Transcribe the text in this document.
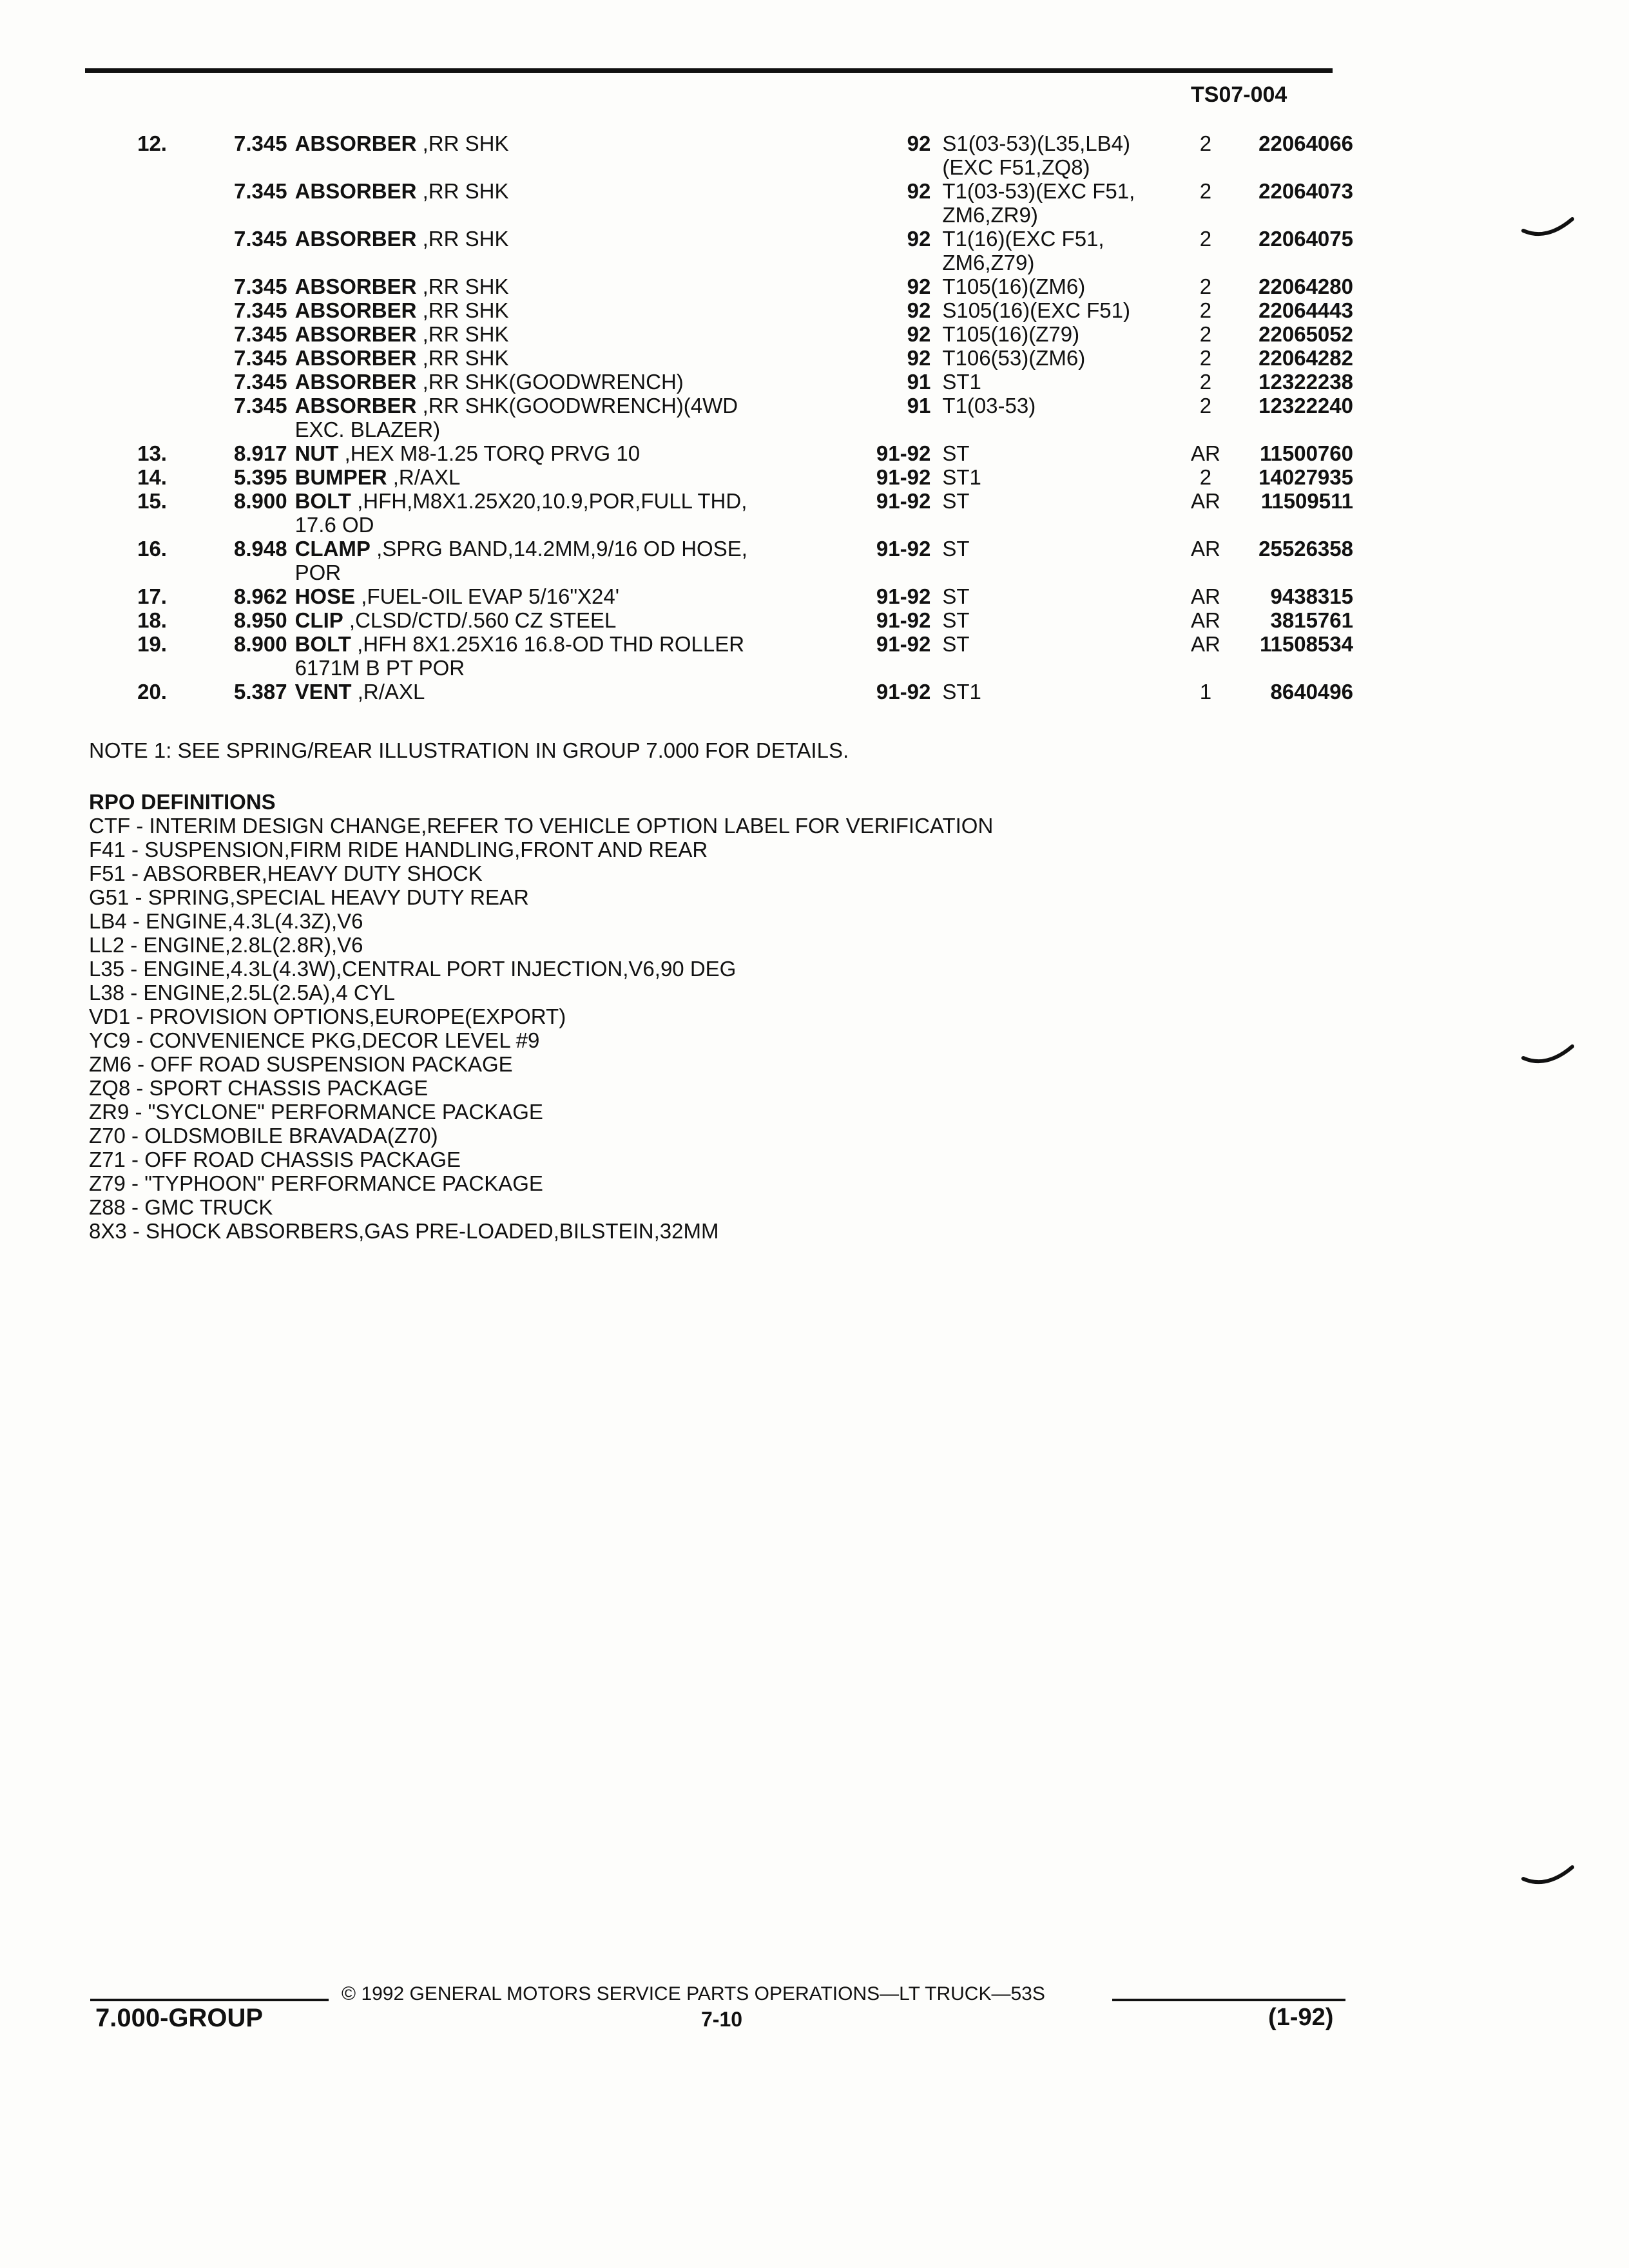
TS07-004
12.	7.345	ABSORBER ,RR SHK	92	S1(03-53)(L35,LB4)
(EXC F51,ZQ8)	2	22064066
	7.345	ABSORBER ,RR SHK	92	T1(03-53)(EXC F51,
ZM6,ZR9)	2	22064073
	7.345	ABSORBER ,RR SHK	92	T1(16)(EXC F51,
ZM6,Z79)	2	22064075
	7.345	ABSORBER ,RR SHK	92	T105(16)(ZM6)	2	22064280
	7.345	ABSORBER ,RR SHK	92	S105(16)(EXC F51)	2	22064443
	7.345	ABSORBER ,RR SHK	92	T105(16)(Z79)	2	22065052
	7.345	ABSORBER ,RR SHK	92	T106(53)(ZM6)	2	22064282
	7.345	ABSORBER ,RR SHK(GOODWRENCH)	91	ST1	2	12322238
	7.345	ABSORBER ,RR SHK(GOODWRENCH)(4WD
EXC. BLAZER)	91	T1(03-53)	2	12322240
13.	8.917	NUT ,HEX M8-1.25 TORQ PRVG 10	91-92	ST	AR	11500760
14.	5.395	BUMPER ,R/AXL	91-92	ST1	2	14027935
15.	8.900	BOLT ,HFH,M8X1.25X20,10.9,POR,FULL THD,
17.6 OD	91-92	ST	AR	11509511
16.	8.948	CLAMP ,SPRG BAND,14.2MM,9/16 OD HOSE,
POR	91-92	ST	AR	25526358
17.	8.962	HOSE ,FUEL-OIL EVAP 5/16"X24'	91-92	ST	AR	9438315
18.	8.950	CLIP ,CLSD/CTD/.560 CZ STEEL	91-92	ST	AR	3815761
19.	8.900	BOLT ,HFH 8X1.25X16 16.8-OD THD ROLLER
6171M B PT POR	91-92	ST	AR	11508534
20.	5.387	VENT ,R/AXL	91-92	ST1	1	8640496
NOTE 1: SEE SPRING/REAR ILLUSTRATION IN GROUP 7.000 FOR DETAILS.
RPO DEFINITIONS
CTF - INTERIM DESIGN CHANGE,REFER TO VEHICLE OPTION LABEL FOR VERIFICATION
F41 - SUSPENSION,FIRM RIDE HANDLING,FRONT AND REAR
F51 - ABSORBER,HEAVY DUTY SHOCK
G51 - SPRING,SPECIAL HEAVY DUTY REAR
LB4 - ENGINE,4.3L(4.3Z),V6
LL2 - ENGINE,2.8L(2.8R),V6
L35 - ENGINE,4.3L(4.3W),CENTRAL PORT INJECTION,V6,90 DEG
L38 - ENGINE,2.5L(2.5A),4 CYL
VD1 - PROVISION OPTIONS,EUROPE(EXPORT)
YC9 - CONVENIENCE PKG,DECOR LEVEL #9
ZM6 - OFF ROAD SUSPENSION PACKAGE
ZQ8 - SPORT CHASSIS PACKAGE
ZR9 - "SYCLONE" PERFORMANCE PACKAGE
Z70 - OLDSMOBILE BRAVADA(Z70)
Z71 - OFF ROAD CHASSIS PACKAGE
Z79 - "TYPHOON" PERFORMANCE PACKAGE
Z88 - GMC TRUCK
8X3 - SHOCK ABSORBERS,GAS PRE-LOADED,BILSTEIN,32MM
© 1992 GENERAL MOTORS SERVICE PARTS OPERATIONS—LT TRUCK—53S
7.000-GROUP	7-10	(1-92)
